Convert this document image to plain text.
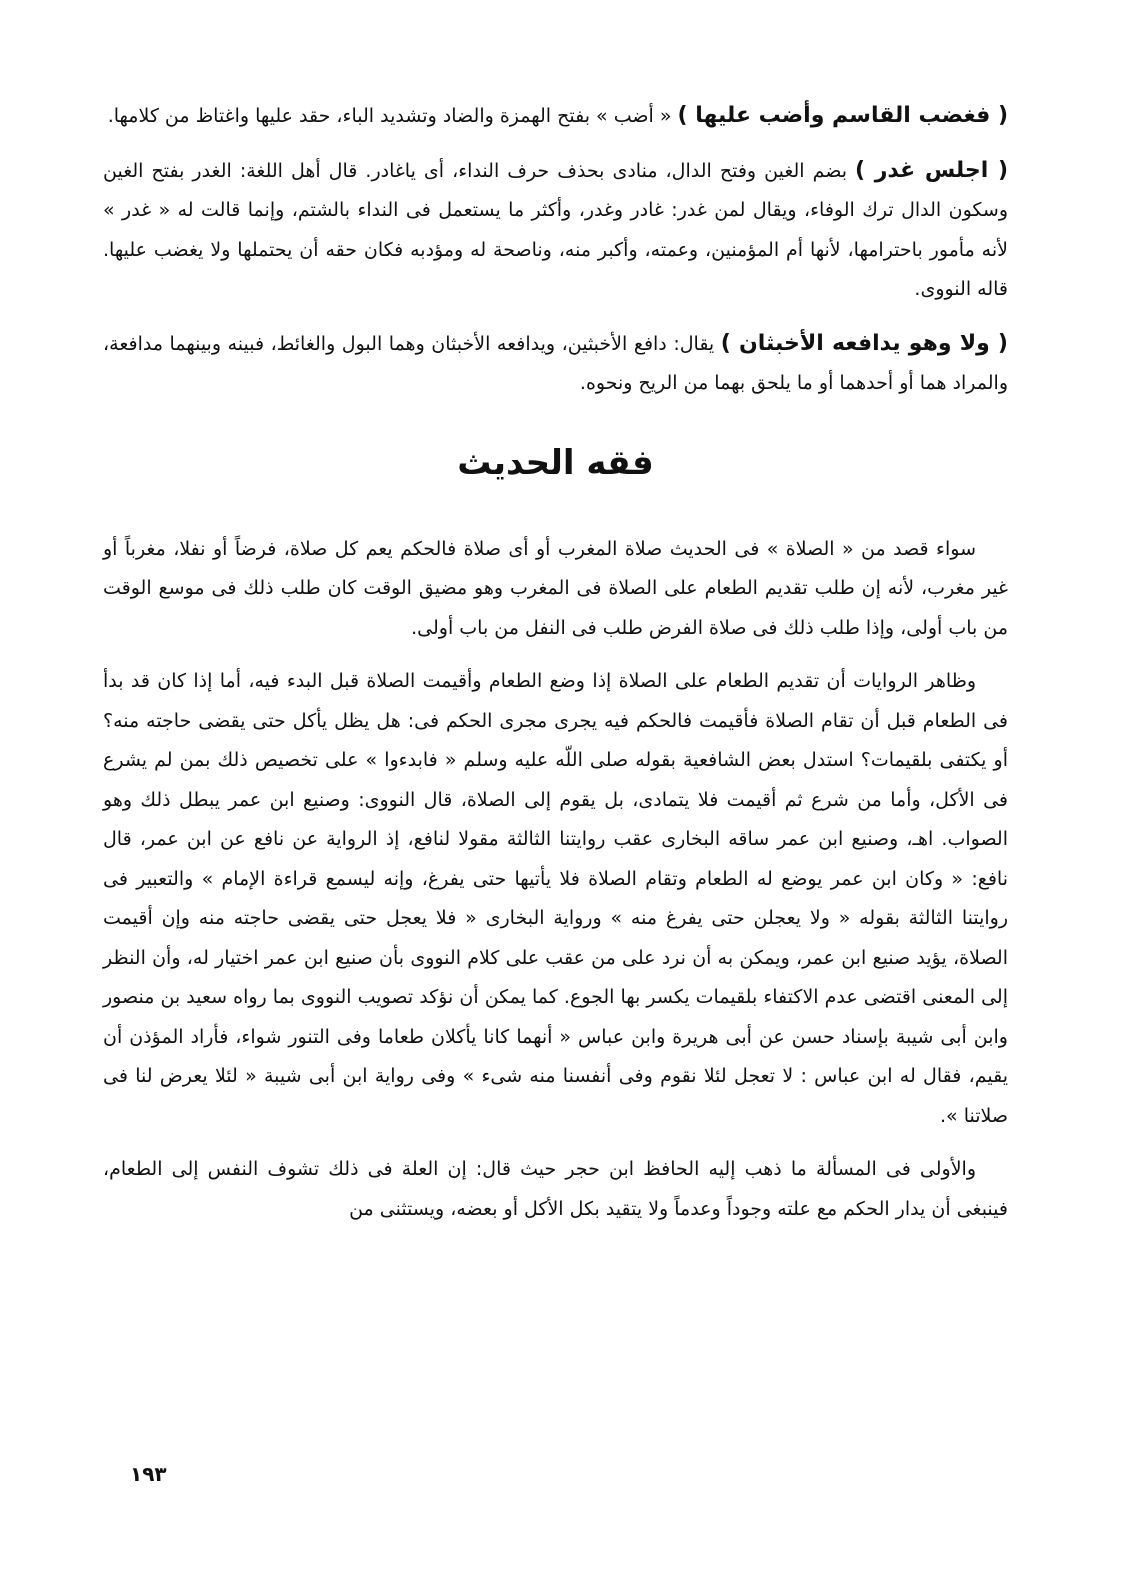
( فغضب القاسم وأضب عليها ) « أضب » بفتح الهمزة والضاد وتشديد الباء، حقد عليها واغتاظ من كلامها.

( اجلس غدر ) بضم الغين وفتح الدال، منادى بحذف حرف النداء، أى ياغادر. قال أهل اللغة: الغدر بفتح الغين وسكون الدال ترك الوفاء، ويقال لمن غدر: غادر وغدر، وأكثر ما يستعمل فى النداء بالشتم، وإنما قالت له « غدر » لأنه مأمور باحترامها، لأنها أم المؤمنين، وعمته، وأكبر منه، وناصحة له ومؤدبه فكان حقه أن يحتملها ولا يغضب عليها. قاله النووى.

( ولا وهو يدافعه الأخبثان ) يقال: دافع الأخبثين، ويدافعه الأخبثان وهما البول والغائط، فبينه وبينهما مدافعة، والمراد هما أو أحدهما أو ما يلحق بهما من الريح ونحوه.

فقه الحديث

سواء قصد من « الصلاة » فى الحديث صلاة المغرب أو أى صلاة فالحكم يعم كل صلاة، فرضاً أو نفلا، مغرباً أو غير مغرب، لأنه إن طلب تقديم الطعام على الصلاة فى المغرب وهو مضيق الوقت كان طلب ذلك فى موسع الوقت من باب أولى، وإذا طلب ذلك فى صلاة الفرض طلب فى النفل من باب أولى.

وظاهر الروايات أن تقديم الطعام على الصلاة إذا وضع الطعام وأقيمت الصلاة قبل البدء فيه، أما إذا كان قد بدأ فى الطعام قبل أن تقام الصلاة فأقيمت فالحكم فيه يجرى مجرى الحكم فى: هل يظل يأكل حتى يقضى حاجته منه؟ أو يكتفى بلقيمات؟ استدل بعض الشافعية بقوله صلى اللّه عليه وسلم « فابدءوا » على تخصيص ذلك بمن لم يشرع فى الأكل، وأما من شرع ثم أقيمت فلا يتمادى، بل يقوم إلى الصلاة، قال النووى: وصنيع ابن عمر يبطل ذلك وهو الصواب. اهـ، وصنيع ابن عمر ساقه البخارى عقب روايتنا الثالثة مقولا لنافع، إذ الرواية عن نافع عن ابن عمر، قال نافع: « وكان ابن عمر يوضع له الطعام وتقام الصلاة فلا يأتيها حتى يفرغ، وإنه ليسمع قراءة الإمام » والتعبير فى روايتنا الثالثة بقوله « ولا يعجلن حتى يفرغ منه » ورواية البخارى « فلا يعجل حتى يقضى حاجته منه وإن أقيمت الصلاة، يؤيد صنيع ابن عمر، ويمكن به أن نرد على من عقب على كلام النووى بأن صنيع ابن عمر اختيار له، وأن النظر إلى المعنى اقتضى عدم الاكتفاء بلقيمات يكسر بها الجوع. كما يمكن أن نؤكد تصويب النووى بما رواه سعيد بن منصور وابن أبى شيبة بإسناد حسن عن أبى هريرة وابن عباس « أنهما كانا يأكلان طعاما وفى التنور شواء، فأراد المؤذن أن يقيم، فقال له ابن عباس : لا تعجل لئلا نقوم وفى أنفسنا منه شىء » وفى رواية ابن أبى شيبة « لئلا يعرض لنا فى صلاتنا ».

والأولى فى المسألة ما ذهب إليه الحافظ ابن حجر حيث قال: إن العلة فى ذلك تشوف النفس إلى الطعام، فينبغى أن يدار الحكم مع علته وجوداً وعدماً ولا يتقيد بكل الأكل أو بعضه، ويستثنى من

١٩٣
